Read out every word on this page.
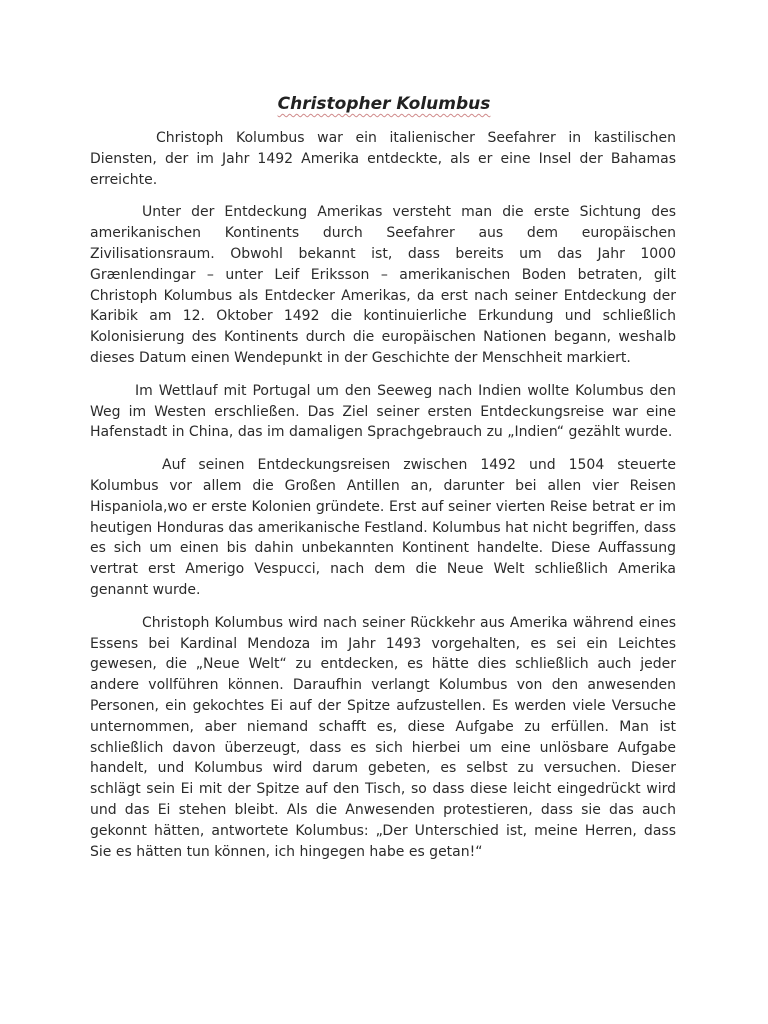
Christopher Kolumbus

Christoph Kolumbus war ein italienischer Seefahrer in kastilischen Diensten, der im Jahr 1492 Amerika entdeckte, als er eine Insel der Bahamas erreichte.

Unter der Entdeckung Amerikas versteht man die erste Sichtung des amerikanischen Kontinents durch Seefahrer aus dem europäischen Zivilisationsraum. Obwohl bekannt ist, dass bereits um das Jahr 1000 Grænlendingar – unter Leif Eriksson – amerikanischen Boden betraten, gilt Christoph Kolumbus als Entdecker Amerikas, da erst nach seiner Entdeckung der Karibik am 12. Oktober 1492 die kontinuierliche Erkundung und schließlich Kolonisierung des Kontinents durch die europäischen Nationen begann, weshalb dieses Datum einen Wendepunkt in der Geschichte der Menschheit markiert.

Im Wettlauf mit Portugal um den Seeweg nach Indien wollte Kolumbus den Weg im Westen erschließen. Das Ziel seiner ersten Entdeckungsreise war eine Hafenstadt in China, das im damaligen Sprachgebrauch zu „Indien“ gezählt wurde.

Auf seinen Entdeckungsreisen zwischen 1492 und 1504 steuerte Kolumbus vor allem die Großen Antillen an, darunter bei allen vier Reisen Hispaniola,wo er erste Kolonien gründete. Erst auf seiner vierten Reise betrat er im heutigen Honduras das amerikanische Festland. Kolumbus hat nicht begriffen, dass es sich um einen bis dahin unbekannten Kontinent handelte. Diese Auffassung vertrat erst Amerigo Vespucci, nach dem die Neue Welt schließlich Amerika genannt wurde.

Christoph Kolumbus wird nach seiner Rückkehr aus Amerika während eines Essens bei Kardinal Mendoza im Jahr 1493 vorgehalten, es sei ein Leichtes gewesen, die „Neue Welt“ zu entdecken, es hätte dies schließlich auch jeder andere vollführen können. Daraufhin verlangt Kolumbus von den anwesenden Personen, ein gekochtes Ei auf der Spitze aufzustellen. Es werden viele Versuche unternommen, aber niemand schafft es, diese Aufgabe zu erfüllen. Man ist schließlich davon überzeugt, dass es sich hierbei um eine unlösbare Aufgabe handelt, und Kolumbus wird darum gebeten, es selbst zu versuchen. Dieser schlägt sein Ei mit der Spitze auf den Tisch, so dass diese leicht eingedrückt wird und das Ei stehen bleibt. Als die Anwesenden protestieren, dass sie das auch gekonnt hätten, antwortete Kolumbus: „Der Unterschied ist, meine Herren, dass Sie es hätten tun können, ich hingegen habe es getan!“
